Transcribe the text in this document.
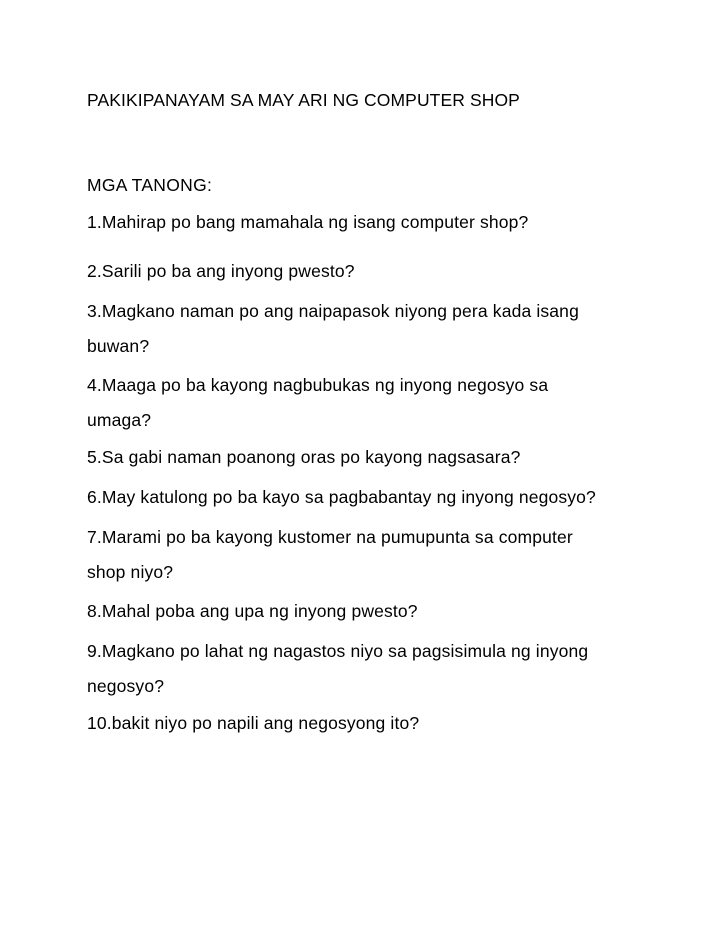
PAKIKIPANAYAM SA MAY ARI NG COMPUTER SHOP
MGA TANONG:
1.Mahirap po bang mamahala ng isang computer shop?
2.Sarili po ba ang inyong pwesto?
3.Magkano naman po ang naipapasok niyong pera kada isang
buwan?
4.Maaga po ba kayong nagbubukas ng inyong negosyo sa
umaga?
5.Sa gabi naman poanong oras po kayong nagsasara?
6.May katulong po ba kayo sa pagbabantay ng inyong negosyo?
7.Marami po ba kayong kustomer na pumupunta sa computer
shop niyo?
8.Mahal poba ang upa ng inyong pwesto?
9.Magkano po lahat ng nagastos niyo sa pagsisimula ng inyong
negosyo?
10.bakit niyo po napili ang negosyong ito?
